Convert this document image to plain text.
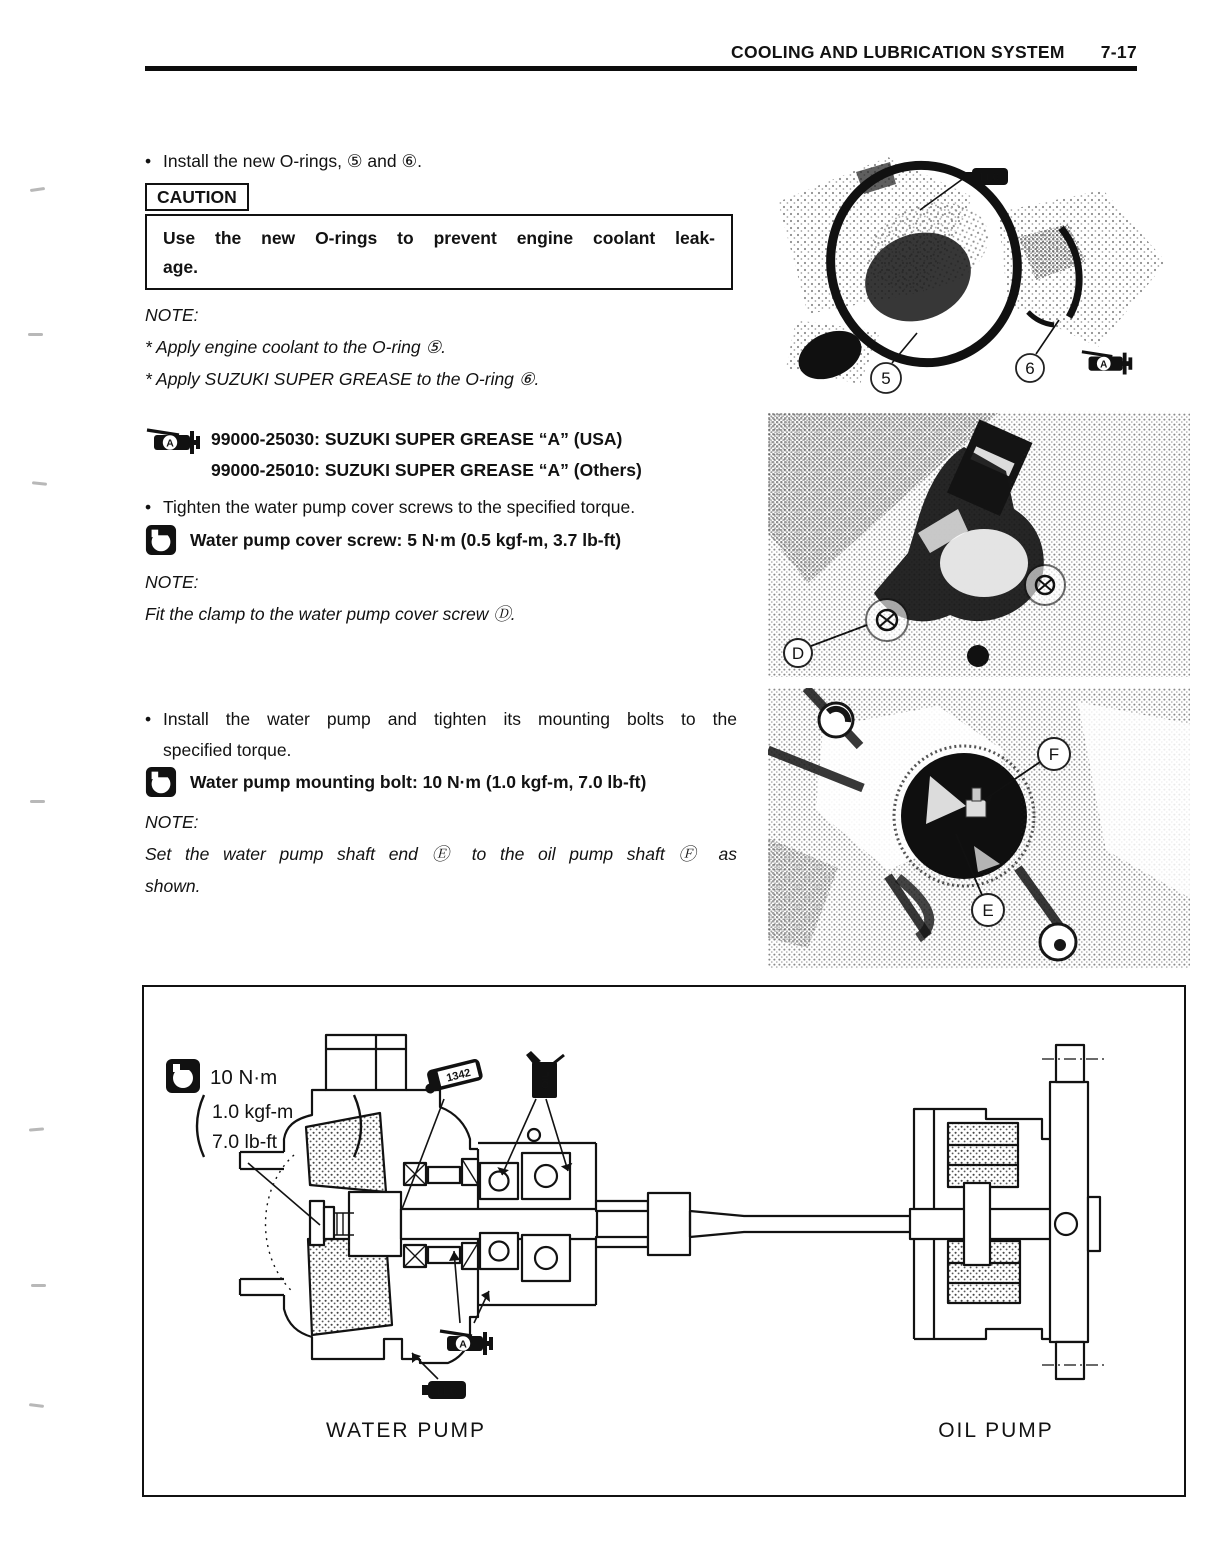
COOLING AND LUBRICATION SYSTEM 7-17
• Install the new O-rings, ⑤ and ⑥.
CAUTION
Use the new O-rings to prevent engine coolant leak-
age.
NOTE:
* Apply engine coolant to the O-ring ⑤.
* Apply SUZUKI SUPER GREASE to the O-ring ⑥.
A 99000-25030: SUZUKI SUPER GREASE “A” (USA)
99000-25010: SUZUKI SUPER GREASE “A” (Others)
• Tighten the water pump cover screws to the specified torque.
Water pump cover screw: 5 N·m (0.5 kgf-m, 3.7 lb-ft)
NOTE:
Fit the clamp to the water pump cover screw Ⓓ.
• Install the water pump and tighten its mounting bolts to the
specified torque.
Water pump mounting bolt: 10 N·m (1.0 kgf-m, 7.0 lb-ft)
NOTE:
Set the water pump shaft end Ⓔ to the oil pump shaft Ⓕ as
shown.
LLC
5
6	A
D
F
E
10 N·m
1.0 kgf-m
7.0 lb-ft
1342	OIL
A
LLC
WATER PUMP	OIL PUMP
